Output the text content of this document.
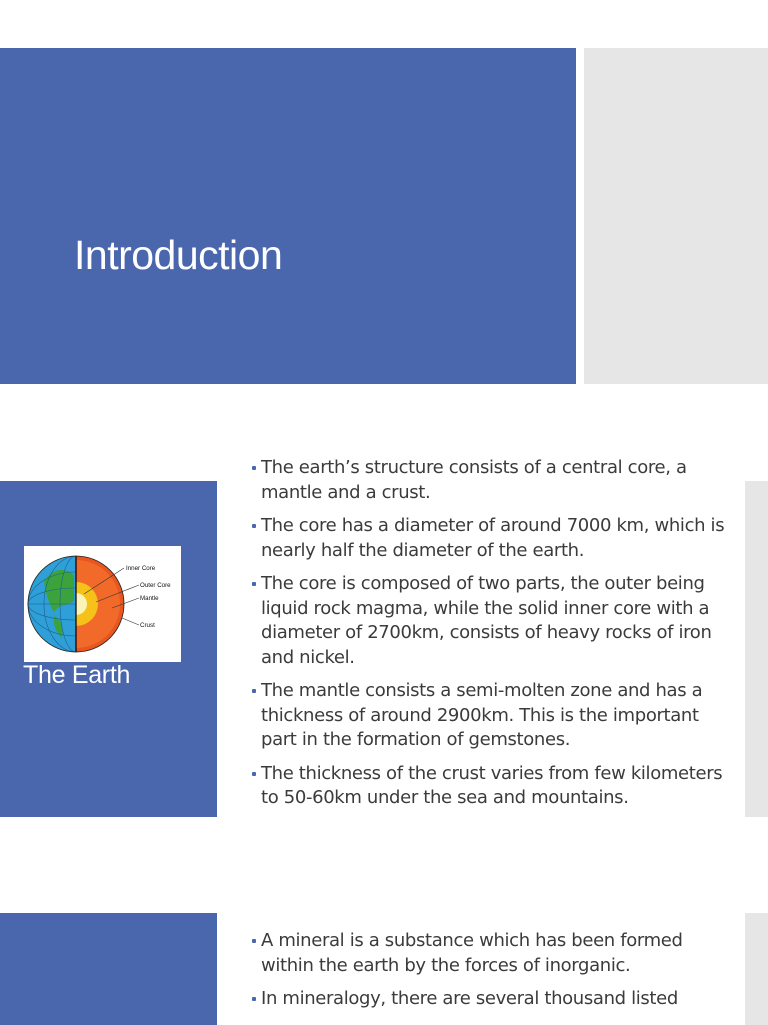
Introduction
Inner Core
Outer Core
Mantle
Crust
The Earth
The earth’s structure consists of a central core, a mantle and a crust.
The core has a diameter of around 7000 km, which is nearly half the diameter of the earth.
The core is composed of two parts, the outer being liquid rock magma, while the solid inner core with a diameter of 2700km, consists of heavy rocks of iron and nickel.
The mantle consists a semi-molten zone and has a thickness of around 2900km. This is the important part in the formation of gemstones.
The thickness of the crust varies from few kilometers to 50-60km under the sea and mountains.
A mineral is a substance which has been formed within the earth by the forces of inorganic.
In mineralogy, there are several thousand listed
